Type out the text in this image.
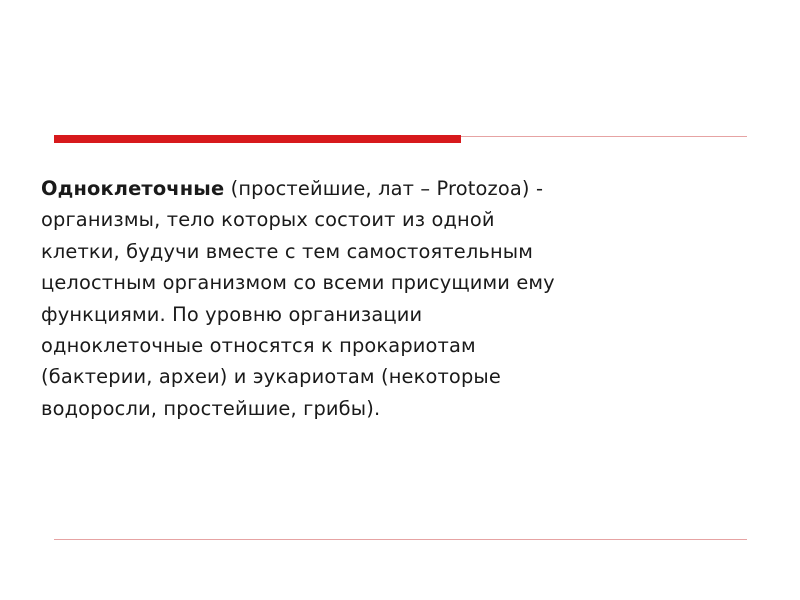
Одноклеточные (простейшие, лат – Protozoa) -
организмы, тело которых состоит из одной
клетки, будучи вместе с тем самостоятельным
целостным организмом со всеми присущими ему
функциями. По уровню организации
одноклеточные относятся к прокариотам
(бактерии, археи) и эукариотам (некоторые
водоросли, простейшие, грибы).
